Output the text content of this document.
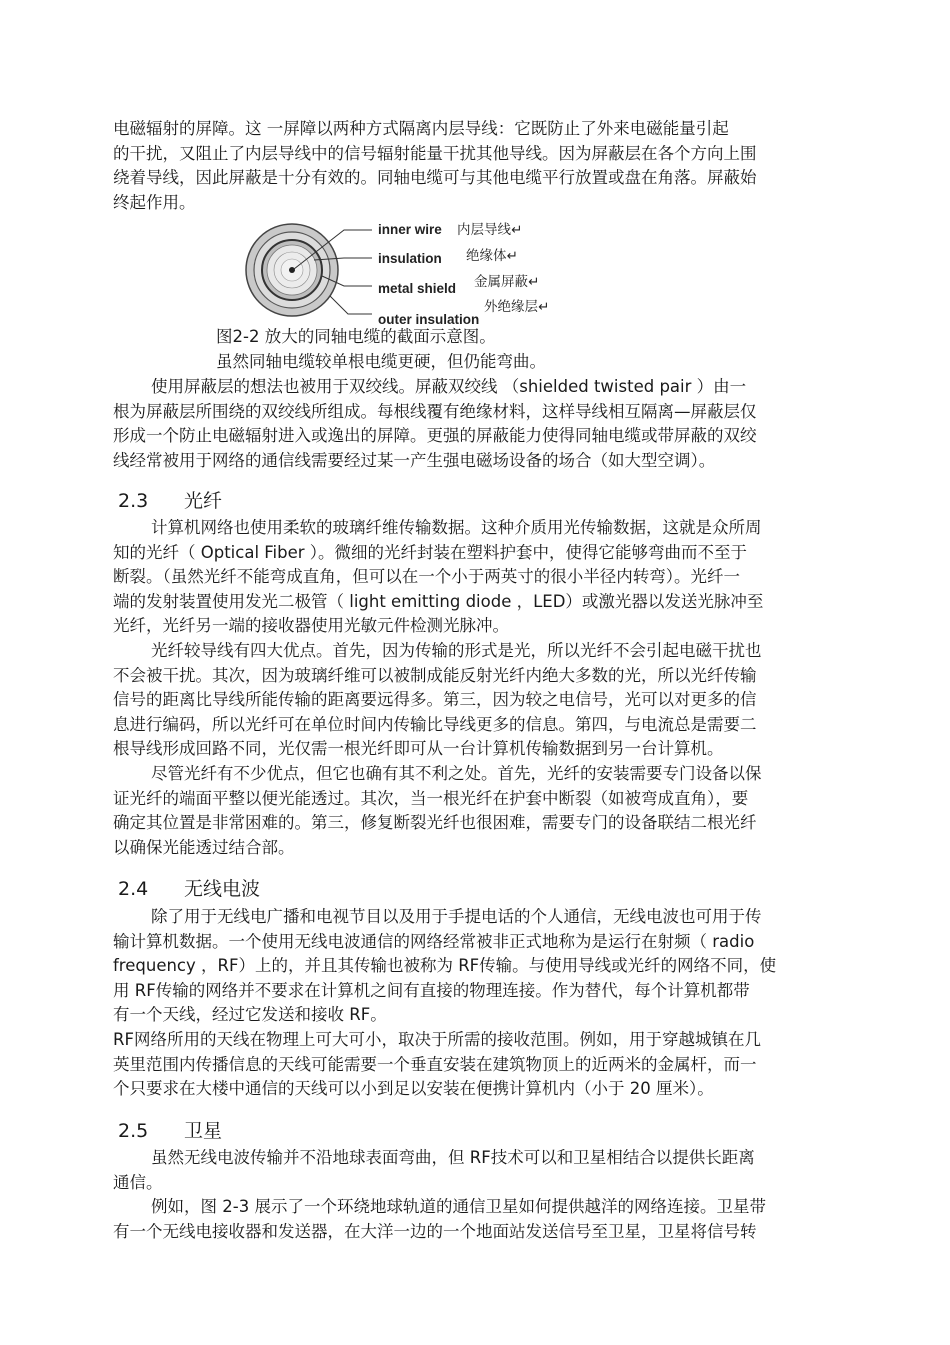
电磁辐射的屏障。这 一屏障以两种方式隔离内层导线：它既防止了外来电磁能量引起

的干扰，又阻止了内层导线中的信号辐射能量干扰其他导线。因为屏蔽层在各个方向上围

绕着导线，因此屏蔽是十分有效的。同轴电缆可与其他电缆平行放置或盘在角落。屏蔽始

终起作用。

inner wire
insulation
metal shield
outer insulation
内层导线↵
绝缘体↵
金属屏蔽↵
外绝缘层↵
图2-2 放大的同轴电缆的截面示意图。
虽然同轴电缆较单根电缆更硬，但仍能弯曲。

使用屏蔽层的想法也被用于双绞线。屏蔽双绞线 （shielded twisted pair ）由一

根为屏蔽层所围绕的双绞线所组成。每根线覆有绝缘材料，这样导线相互隔离—屏蔽层仅

形成一个防止电磁辐射进入或逸出的屏障。更强的屏蔽能力使得同轴电缆或带屏蔽的双绞

线经常被用于网络的通信线需要经过某一产生强电磁场设备的场合（如大型空调）。

2.3 光纤

计算机网络也使用柔软的玻璃纤维传输数据。这种介质用光传输数据，这就是众所周

知的光纤（ Optical Fiber ）。微细的光纤封装在塑料护套中，使得它能够弯曲而不至于

断裂。（虽然光纤不能弯成直角，但可以在一个小于两英寸的很小半径内转弯）。光纤一

端的发射装置使用发光二极管（ light emitting diode ，LED）或激光器以发送光脉冲至

光纤，光纤另一端的接收器使用光敏元件检测光脉冲。

光纤较导线有四大优点。首先，因为传输的形式是光，所以光纤不会引起电磁干扰也

不会被干扰。其次，因为玻璃纤维可以被制成能反射光纤内绝大多数的光，所以光纤传输

信号的距离比导线所能传输的距离要远得多。第三，因为较之电信号，光可以对更多的信

息进行编码，所以光纤可在单位时间内传输比导线更多的信息。第四，与电流总是需要二

根导线形成回路不同，光仅需一根光纤即可从一台计算机传输数据到另一台计算机。

尽管光纤有不少优点，但它也确有其不利之处。首先，光纤的安装需要专门设备以保

证光纤的端面平整以便光能透过。其次，当一根光纤在护套中断裂（如被弯成直角），要

确定其位置是非常困难的。第三，修复断裂光纤也很困难，需要专门的设备联结二根光纤

以确保光能透过结合部。

2.4 无线电波

除了用于无线电广播和电视节目以及用于手提电话的个人通信，无线电波也可用于传

输计算机数据。一个使用无线电波通信的网络经常被非正式地称为是运行在射频（ radio

frequency ，RF）上的，并且其传输也被称为 RF传输。与使用导线或光纤的网络不同，使

用 RF传输的网络并不要求在计算机之间有直接的物理连接。作为替代，每个计算机都带

有一个天线，经过它发送和接收 RF。

RF网络所用的天线在物理上可大可小，取决于所需的接收范围。例如，用于穿越城镇在几

英里范围内传播信息的天线可能需要一个垂直安装在建筑物顶上的近两米的金属杆，而一

个只要求在大楼中通信的天线可以小到足以安装在便携计算机内（小于 20 厘米）。

2.5 卫星

虽然无线电波传输并不沿地球表面弯曲，但 RF技术可以和卫星相结合以提供长距离

通信。

例如，图 2-3 展示了一个环绕地球轨道的通信卫星如何提供越洋的网络连接。卫星带

有一个无线电接收器和发送器，在大洋一边的一个地面站发送信号至卫星，卫星将信号转
